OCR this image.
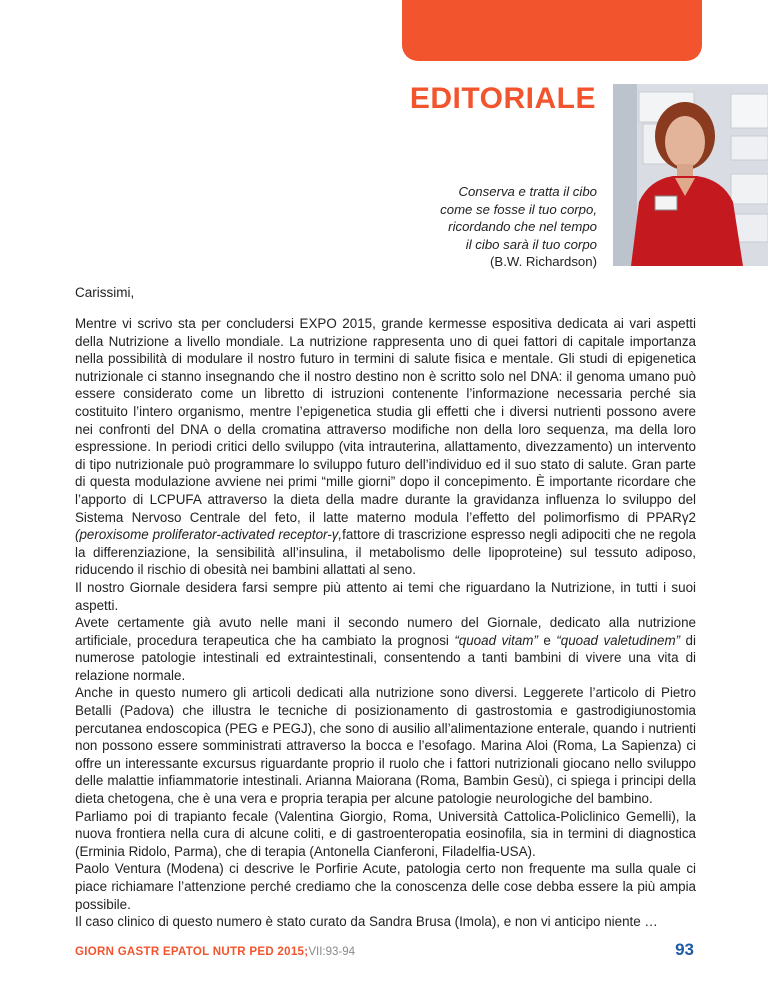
EDITORIALE
Conserva e tratta il cibo
come se fosse il tuo corpo,
ricordando che nel tempo
il cibo sarà il tuo corpo
(B.W. Richardson)
Carissimi,

Mentre vi scrivo sta per concludersi EXPO 2015, grande kermesse espositiva dedicata ai vari aspetti della Nutrizione a livello mondiale. La nutrizione rappresenta uno di quei fattori di capitale importanza nella possibilità di modulare il nostro futuro in termini di salute fisica e mentale. Gli studi di epigenetica nutrizionale ci stanno insegnando che il nostro destino non è scritto solo nel DNA: il genoma umano può essere considerato come un libretto di istruzioni contenente l’informazione necessaria perché sia costituito l’intero organismo, mentre l’epigenetica studia gli effetti che i diversi nutrienti possono avere nei confronti del DNA o della cromatina attraverso modifiche non della loro sequenza, ma della loro espressione. In periodi critici dello sviluppo (vita intrauterina, allattamento, divezzamento) un intervento di tipo nutrizionale può programmare lo sviluppo futuro dell’individuo ed il suo stato di salute. Gran parte di questa modulazione avviene nei primi “mille giorni” dopo il concepimento. È importante ricordare che l’apporto di LCPUFA attraverso la dieta della madre durante la gravidanza influenza lo sviluppo del Sistema Nervoso Centrale del feto, il latte materno modula l’effetto del polimorfismo di PPARγ2 (peroxisome proliferator-activated receptor-γ,fattore di trascrizione espresso negli adipociti che ne regola la differenziazione, la sensibilità all’insulina, il metabolismo delle lipoproteine) sul tessuto adiposo, riducendo il rischio di obesità nei bambini allattati al seno.

Il nostro Giornale desidera farsi sempre più attento ai temi che riguardano la Nutrizione, in tutti i suoi aspetti.

Avete certamente già avuto nelle mani il secondo numero del Giornale, dedicato alla nutrizione artificiale, procedura terapeutica che ha cambiato la prognosi “quoad vitam” e “quoad valetudinem” di numerose patologie intestinali ed extraintestinali, consentendo a tanti bambini di vivere una vita di relazione normale.

Anche in questo numero gli articoli dedicati alla nutrizione sono diversi. Leggerete l’articolo di Pietro Betalli (Padova) che illustra le tecniche di posizionamento di gastrostomia e gastrodigiunostomia percutanea endoscopica (PEG e PEGJ), che sono di ausilio all’alimentazione enterale, quando i nutrienti non possono essere somministrati attraverso la bocca e l’esofago. Marina Aloi (Roma, La Sapienza) ci offre un interessante excursus riguardante proprio il ruolo che i fattori nutrizionali giocano nello sviluppo delle malattie infiammatorie intestinali. Arianna Maiorana (Roma, Bambin Gesù), ci spiega i principi della dieta chetogena, che è una vera e propria terapia per alcune patologie neurologiche del bambino.

Parliamo poi di trapianto fecale (Valentina Giorgio, Roma, Università Cattolica-Policlinico Gemelli), la nuova frontiera nella cura di alcune coliti, e di gastroenteropatia eosinofila, sia in termini di diagnostica (Erminia Ridolo, Parma), che di terapia (Antonella Cianferoni, Filadelfia-USA).

Paolo Ventura (Modena) ci descrive le Porfirie Acute, patologia certo non frequente ma sulla quale ci piace richiamare l’attenzione perché crediamo che la conoscenza delle cose debba essere la più ampia possibile.

Il caso clinico di questo numero è stato curato da Sandra Brusa (Imola), e non vi anticipo niente …

GIORN GASTR EPATOL NUTR PED 2015;VII:93-94	93
